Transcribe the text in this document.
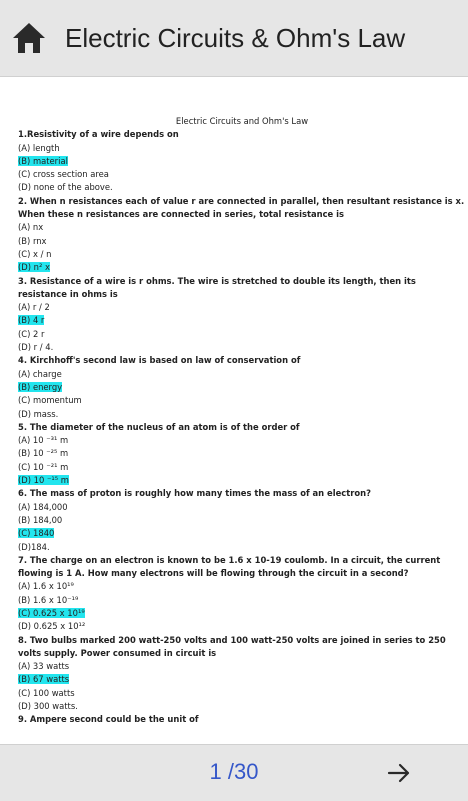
Electric Circuits & Ohm's Law
Electric Circuits and Ohm's Law
1.Resistivity of a wire depends on
(A) length
(B) material
(C) cross section area
(D) none of the above.
2. When n resistances each of value r are connected in parallel, then resultant resistance is x. When these n resistances are connected in series, total resistance is
(A) nx
(B) rnx
(C) x / n
(D) n² x
3. Resistance of a wire is r ohms. The wire is stretched to double its length, then its resistance in ohms is
(A) r / 2
(B) 4 r
(C) 2 r
(D) r / 4.
4. Kirchhoff's second law is based on law of conservation of
(A) charge
(B) energy
(C) momentum
(D) mass.
5. The diameter of the nucleus of an atom is of the order of
(A) 10 ⁻³¹ m
(B) 10 ⁻²⁵ m
(C) 10 ⁻²¹ m
(D) 10 ⁻¹⁵ m
6. The mass of proton is roughly how many times the mass of an electron?
(A) 184,000
(B) 184,00
(C) 1840
(D)184.
7. The charge on an electron is known to be 1.6 x 10-19 coulomb. In a circuit, the current flowing is 1 A. How many electrons will be flowing through the circuit in a second?
(A) 1.6 x 10¹⁹
(B) 1.6 x 10⁻¹⁹
(C) 0.625 x 10¹⁹
(D) 0.625 x 10¹²
8. Two bulbs marked 200 watt-250 volts and 100 watt-250 volts are joined in series to 250 volts supply. Power consumed in circuit is
(A) 33 watts
(B) 67 watts
(C) 100 watts
(D) 300 watts.
9. Ampere second could be the unit of
1 /30
